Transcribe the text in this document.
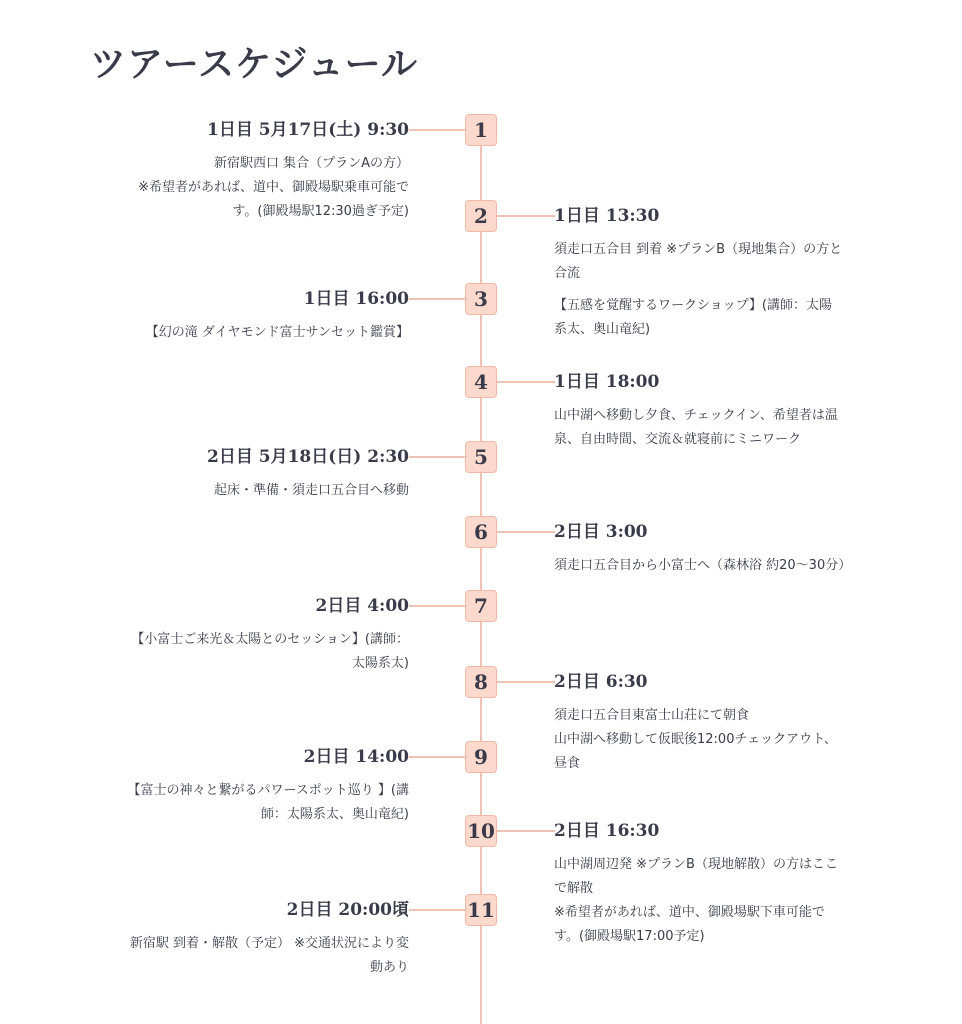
ツアースケジュール
1
2
3
4
5
6
7
8
9
10
11
1日目 5月17日(土) 9:30
新宿駅西口 集合（プランAの方）
※希望者があれば、道中、御殿場駅乗車可能で
す。(御殿場駅12:30過ぎ予定)	1日目 13:30

須走口五合目 到着 ※プランB（現地集合）の方と
合流

【五感を覚醒するワークショップ】(講師：太陽
系太、奥山竜紀)

1日目 16:00
【幻の滝 ダイヤモンド富士サンセット鑑賞】
1日目 18:00
山中湖へ移動し夕食、チェックイン、希望者は温
泉、自由時間、交流＆就寝前にミニワーク
2日目 5月18日(日) 2:30
起床・準備・須走口五合目へ移動
2日目 3:00
須走口五合目から小富士へ（森林浴 約20〜30分）
2日目 4:00
【小富士ご来光＆太陽とのセッション】(講師：
太陽系太)
2日目 6:30
須走口五合目東富士山荘にて朝食
山中湖へ移動して仮眠後12:00チェックアウト、
昼食
2日目 14:00
【富士の神々と繋がるパワースポット巡り 】(講
師：太陽系太、奥山竜紀)
2日目 16:30
山中湖周辺発 ※プランB（現地解散）の方はここ
で解散
※希望者があれば、道中、御殿場駅下車可能で
す。(御殿場駅17:00予定)
2日目 20:00頃
新宿駅 到着・解散（予定） ※交通状況により変
動あり
